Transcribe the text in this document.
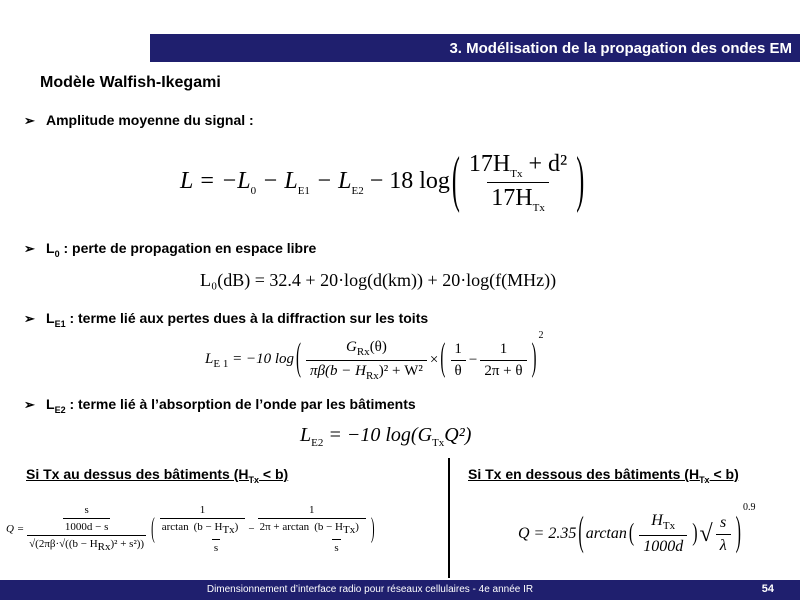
3. Modélisation de la propagation des ondes EM
Modèle Walfish-Ikegami
➢ Amplitude moyenne du signal :
$L = -L_0 - L_{E1} - L_{E2} - 18$ log ( $\frac{17H_{Tx} + d^2}{17H_{Tx}}$ )
➢ $L_0$ : perte de propagation en espace libre
L₀(dB) = 32.4 + 20·log(d(km)) + 20·log(f(MHz))
➢ $L_{E1}$ : terme lié aux pertes dues à la diffraction sur les toits
$L_{E 1} = -10$ log ( $\frac{G_{Rx}(\theta)}{\pi\beta(b - H_{Rx})^2 + W^2}$ × ( $\frac{1}{\theta} - \frac{1}{2\pi + \theta}$ )
$^2$
➢ $L_{E2}$ : terme lié à l’absorption de l’onde par les bâtiments
$L_{E2} = -10$ $\log(G_{Tx}Q^2)$
Si Tx au dessus des bâtiments $(H_{Tx} < b)$
$Q = \frac{\frac{s}{1000d - s}}{√(2\pi\beta\cdot√((b - H_{Rx})^2 + s^2))}$ ( $\frac{1}{\arctan \frac{(b - H_{Tx})}{s}} - \frac{1}{2\pi + \arctan \frac{(b - H_{Tx})}{s}}$ )
Si Tx en dessous des bâtiments $(H_{Tx} < b)$
Q = 2.35 ( arctan ( $\frac{H_{Tx}}{1000d}$ ) √ $\frac{s}{\lambda}$ )
$^{0.9}$
Dimensionnement d’interface radio pour réseaux cellulaires - 4e année IR	54
